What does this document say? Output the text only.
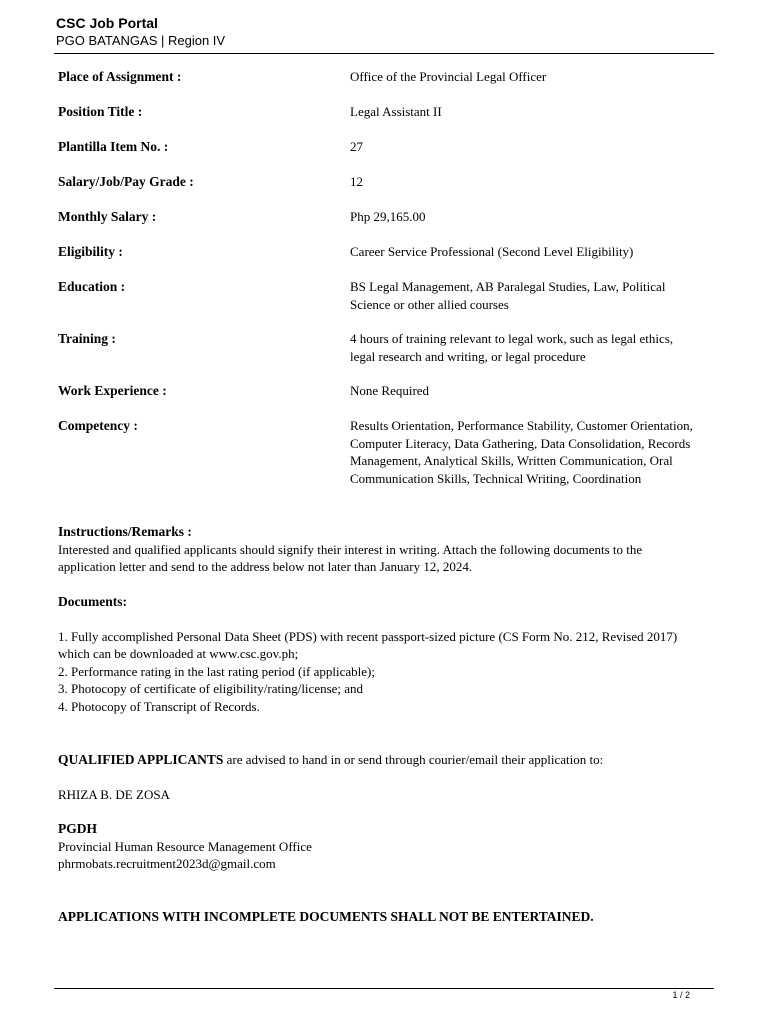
CSC Job Portal
PGO BATANGAS | Region IV
Place of Assignment :	Office of the Provincial Legal Officer
Position Title :	Legal Assistant II
Plantilla Item No. :	27
Salary/Job/Pay Grade :	12
Monthly Salary :	Php 29,165.00
Eligibility :	Career Service Professional (Second Level Eligibility)
Education :	BS Legal Management, AB Paralegal Studies, Law, Political Science or other allied courses
Training :	4 hours of training relevant to legal work, such as legal ethics, legal research and writing, or legal procedure
Work Experience :	None Required
Competency :	Results Orientation, Performance Stability, Customer Orientation, Computer Literacy, Data Gathering, Data Consolidation, Records Management, Analytical Skills, Written Communication, Oral Communication Skills, Technical Writing, Coordination
Instructions/Remarks :
Interested and qualified applicants should signify their interest in writing. Attach the following documents to the application letter and send to the address below not later than January 12, 2024.
Documents:
1. Fully accomplished Personal Data Sheet (PDS) with recent passport-sized picture (CS Form No. 212, Revised 2017) which can be downloaded at www.csc.gov.ph;
2. Performance rating in the last rating period (if applicable);
3. Photocopy of certificate of eligibility/rating/license; and
4. Photocopy of Transcript of Records.
QUALIFIED APPLICANTS are advised to hand in or send through courier/email their application to:
RHIZA B. DE ZOSA
PGDH
Provincial Human Resource Management Office
phrmobats.recruitment2023d@gmail.com
APPLICATIONS WITH INCOMPLETE DOCUMENTS SHALL NOT BE ENTERTAINED.
1 / 2
